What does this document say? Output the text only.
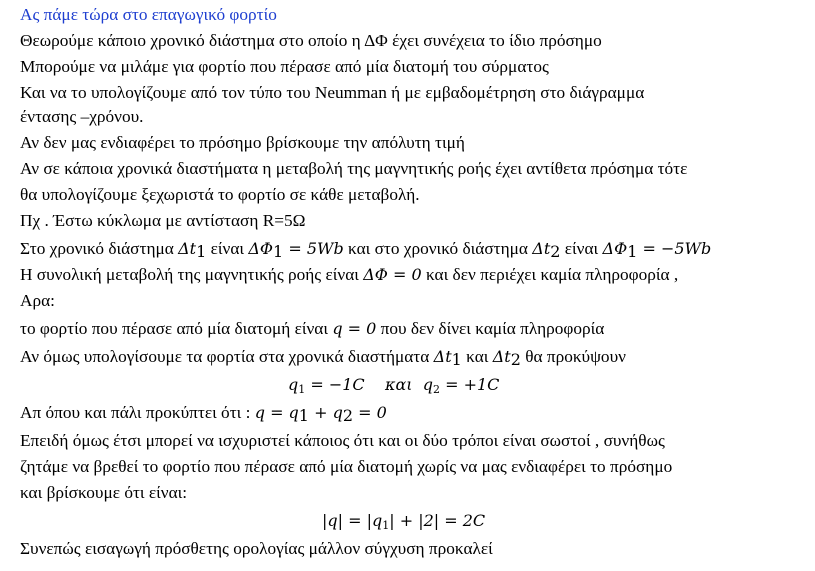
Ας πάμε τώρα στο επαγωγικό φορτίο
Θεωρούμε κάποιο χρονικό διάστημα στο οποίο η ΔΦ έχει συνέχεια το ίδιο πρόσημο
Μπορούμε να μιλάμε για φορτίο που πέρασε από μία διατομή του σύρματος
Και να το υπολογίζουμε από τον τύπο του Neumman ή με εμβαδομέτρηση στο διάγραμμα
έντασης –χρόνου.
Αν δεν μας ενδιαφέρει το πρόσημο βρίσκουμε την απόλυτη τιμή
Αν σε κάποια χρονικά διαστήματα η μεταβολή της μαγνητικής ροής έχει αντίθετα πρόσημα τότε
θα υπολογίζουμε ξεχωριστά το φορτίο σε κάθε μεταβολή.
Πχ . Έστω κύκλωμα με αντίσταση R=5Ω
Στο χρονικό διάστημα $\Delta t_1$ είναι $\Delta\Phi_1 = 5Wb$ και στο χρονικό διάστημα $\Delta t_2$ είναι $\Delta\Phi_1 = -5Wb$
Η συνολική μεταβολή της μαγνητικής ροής είναι ΔΦ = 0 και δεν περιέχει καμία πληροφορία ,
Αρα:
το φορτίο που πέρασε από μία διατομή είναι q = 0 που δεν δίνει καμία πληροφορία
Αν όμως υπολογίσουμε τα φορτία στα χρονικά διαστήματα $\Delta t_1$ και $\Delta t_2$ θα προκύψουν
$q_1 = -1C$    και  $q_2 = +1C$
Απ όπου και πάλι προκύπτει ότι : $q = q_1 + q_2 = 0$
Επειδή όμως έτσι μπορεί να ισχυριστεί κάποιος ότι και οι δύο τρόποι είναι σωστοί , συνήθως
ζητάμε να βρεθεί το φορτίο που πέρασε από μία διατομή χωρίς να μας ενδιαφέρει το πρόσημο
και βρίσκουμε ότι είναι:
$|q| = |q_1| + |2| = 2C$
Συνεπώς εισαγωγή πρόσθετης ορολογίας μάλλον σύγχυση προκαλεί
